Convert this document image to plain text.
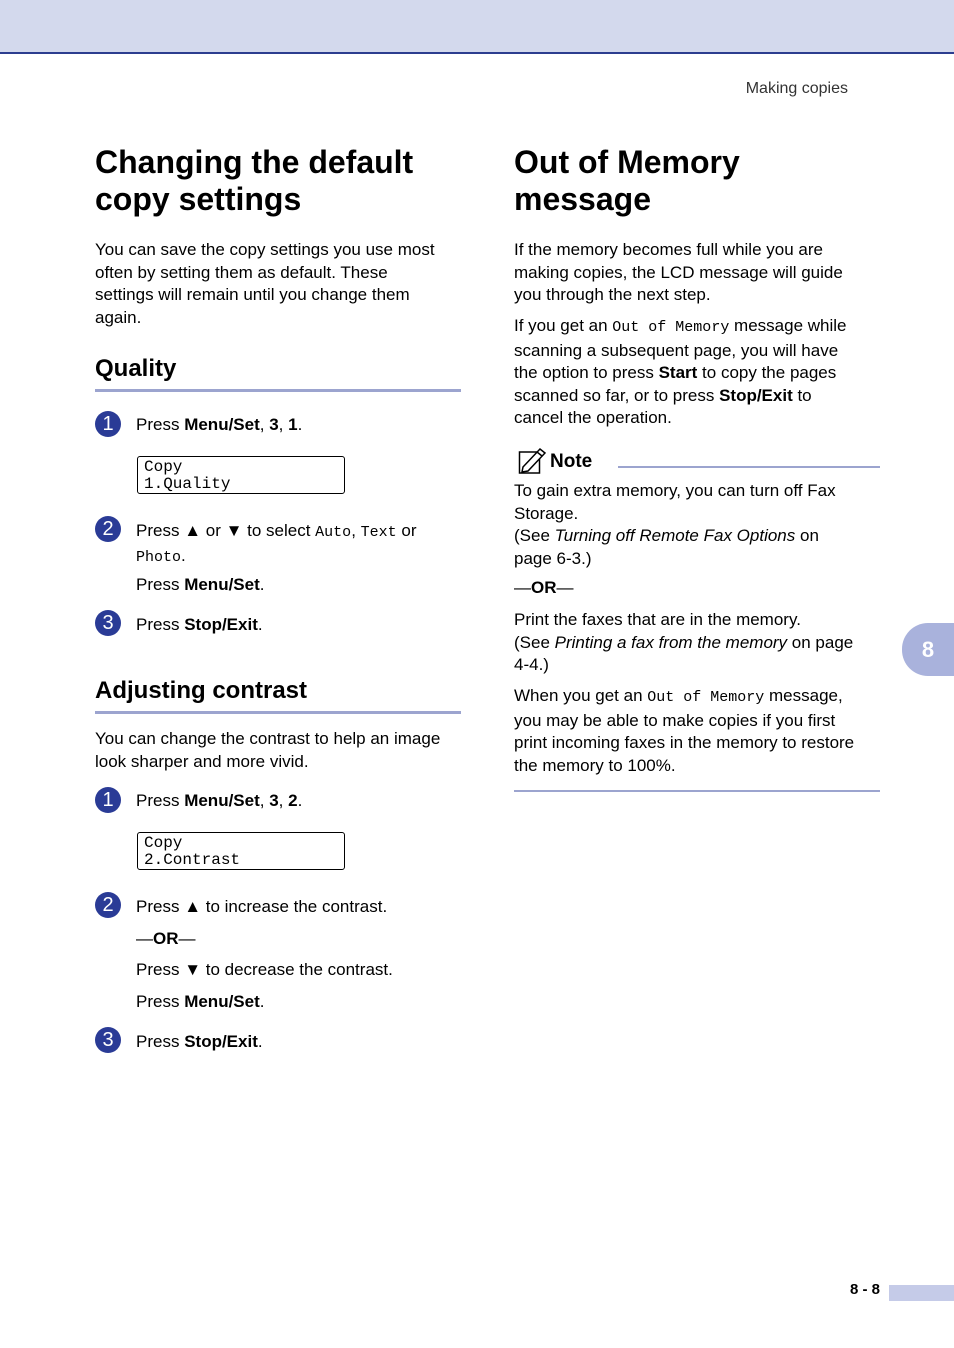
Making copies
Changing the default
copy settings

You can save the copy settings you use most
often by setting them as default. These
settings will remain until you change them
again.

Quality
1	Press Menu/Set, 3, 1.
Copy
1.Quality
2	Press ▲ or ▼ to select Auto, Text or
Photo.
Press Menu/Set.
3	Press Stop/Exit.
Adjusting contrast

You can change the contrast to help an image
look sharper and more vivid.

1	Press Menu/Set, 3, 2.
Copy
2.Contrast
2	Press ▲ to increase the contrast.
—OR—
Press ▼ to decrease the contrast.
Press Menu/Set.
3	Press Stop/Exit.
Out of Memory
message

If the memory becomes full while you are
making copies, the LCD message will guide
you through the next step.

If you get an Out of Memory message while
scanning a subsequent page, you will have
the option to press Start to copy the pages
scanned so far, or to press Stop/Exit to
cancel the operation.

Note

To gain extra memory, you can turn off Fax
Storage.
(See Turning off Remote Fax Options on
page 6-3.)

—OR—

Print the faxes that are in the memory.
(See Printing a fax from the memory on page
4-4.)

When you get an Out of Memory message,
you may be able to make copies if you first
print incoming faxes in the memory to restore
the memory to 100%.

8
8 - 8
